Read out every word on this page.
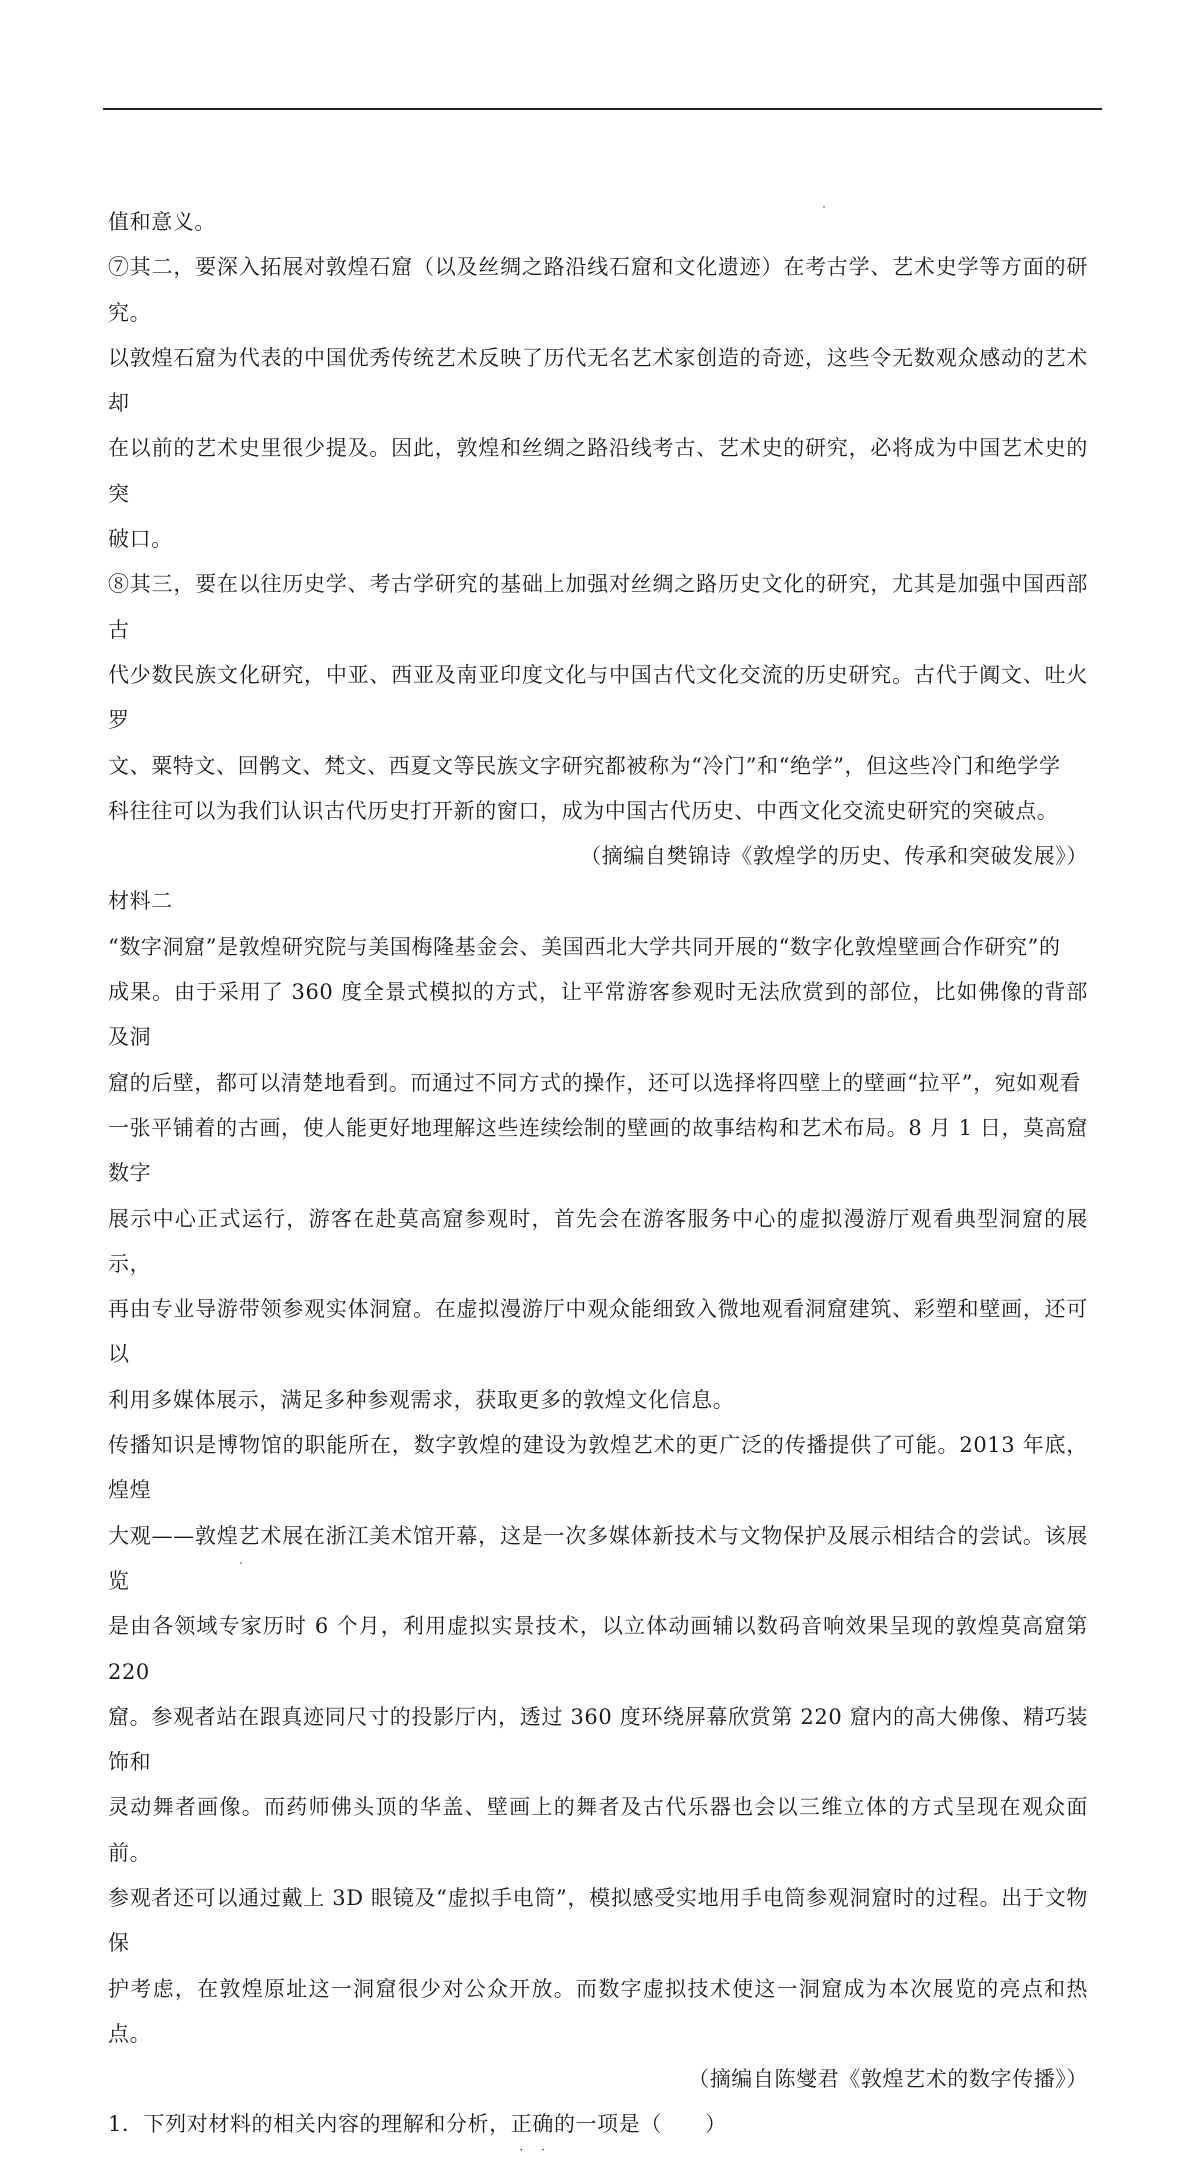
值和意义。
⑦其二，要深入拓展对敦煌石窟（以及丝绸之路沿线石窟和文化遗迹）在考古学、艺术史学等方面的研究。
以敦煌石窟为代表的中国优秀传统艺术反映了历代无名艺术家创造的奇迹，这些令无数观众感动的艺术却
在以前的艺术史里很少提及。因此，敦煌和丝绸之路沿线考古、艺术史的研究，必将成为中国艺术史的突
破口。
⑧其三，要在以往历史学、考古学研究的基础上加强对丝绸之路历史文化的研究，尤其是加强中国西部古
代少数民族文化研究，中亚、西亚及南亚印度文化与中国古代文化交流的历史研究。古代于阗文、吐火罗
文、粟特文、回鹘文、梵文、西夏文等民族文字研究都被称为“冷门”和“绝学”，但这些冷门和绝学学
科往往可以为我们认识古代历史打开新的窗口，成为中国古代历史、中西文化交流史研究的突破点。
（摘编自樊锦诗《敦煌学的历史、传承和突破发展》）
材料二
“数字洞窟”是敦煌研究院与美国梅隆基金会、美国西北大学共同开展的“数字化敦煌壁画合作研究”的
成果。由于采用了 360 度全景式模拟的方式，让平常游客参观时无法欣赏到的部位，比如佛像的背部及洞
窟的后壁，都可以清楚地看到。而通过不同方式的操作，还可以选择将四壁上的壁画“拉平”，宛如观看
一张平铺着的古画，使人能更好地理解这些连续绘制的壁画的故事结构和艺术布局。8 月 1 日，莫高窟数字
展示中心正式运行，游客在赴莫高窟参观时，首先会在游客服务中心的虚拟漫游厅观看典型洞窟的展示，
再由专业导游带领参观实体洞窟。在虚拟漫游厅中观众能细致入微地观看洞窟建筑、彩塑和壁画，还可以
利用多媒体展示，满足多种参观需求，获取更多的敦煌文化信息。
传播知识是博物馆的职能所在，数字敦煌的建设为敦煌艺术的更广泛的传播提供了可能。2013 年底，煌煌
大观——敦煌艺术展在浙江美术馆开幕，这是一次多媒体新技术与文物保护及展示相结合的尝试。该展览
是由各领域专家历时 6 个月，利用虚拟实景技术，以立体动画辅以数码音响效果呈现的敦煌莫高窟第 220
窟。参观者站在跟真迹同尺寸的投影厅内，透过 360 度环绕屏幕欣赏第 220 窟内的高大佛像、精巧装饰和
灵动舞者画像。而药师佛头顶的华盖、壁画上的舞者及古代乐器也会以三维立体的方式呈现在观众面前。
参观者还可以通过戴上 3D 眼镜及“虚拟手电筒”，模拟感受实地用手电筒参观洞窟时的过程。出于文物保
护考虑，在敦煌原址这一洞窟很少对公众开放。而数字虚拟技术使这一洞窟成为本次展览的亮点和热点。
（摘编自陈燮君《敦煌艺术的数字传播》）
1．下列对材料的相关内容的理解和分析，正
·
确
·
的一项是（　　）
